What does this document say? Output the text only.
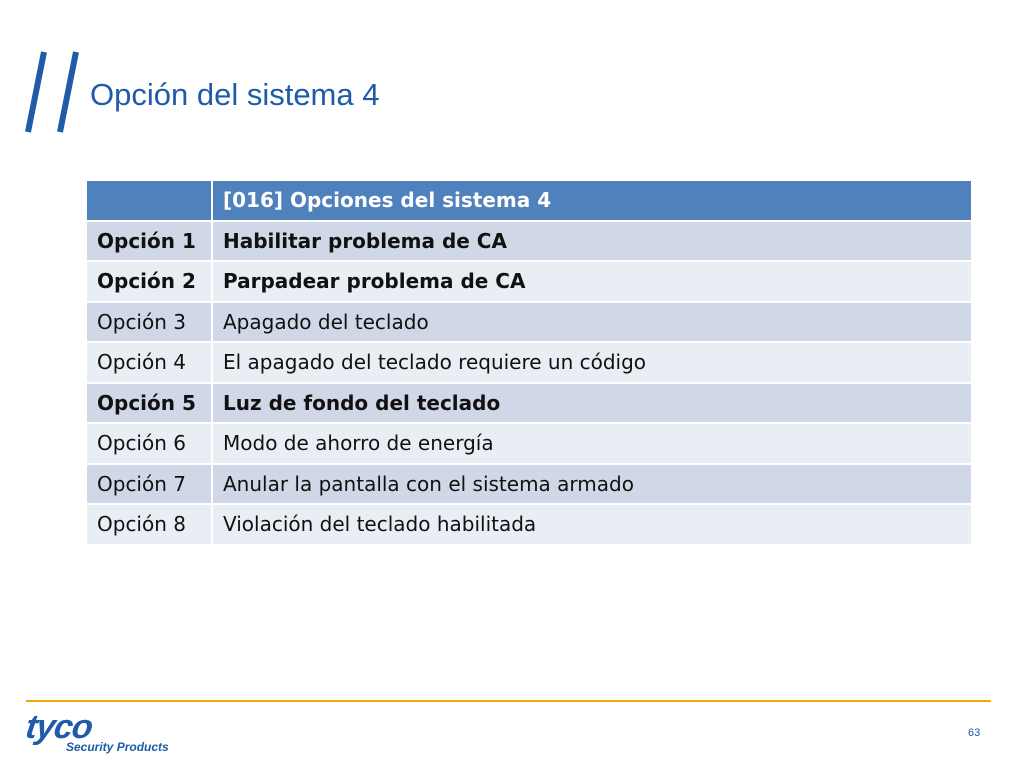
Opción del sistema 4
	[016] Opciones del sistema 4
Opción 1	Habilitar problema de CA
Opción 2	Parpadear problema de CA
Opción 3	Apagado del teclado
Opción 4	El apagado del teclado requiere un código
Opción 5	Luz de fondo del teclado
Opción 6	Modo de ahorro de energía
Opción 7	Anular la pantalla con el sistema armado
Opción 8	Violación del teclado habilitada
tyco
Security Products
63
